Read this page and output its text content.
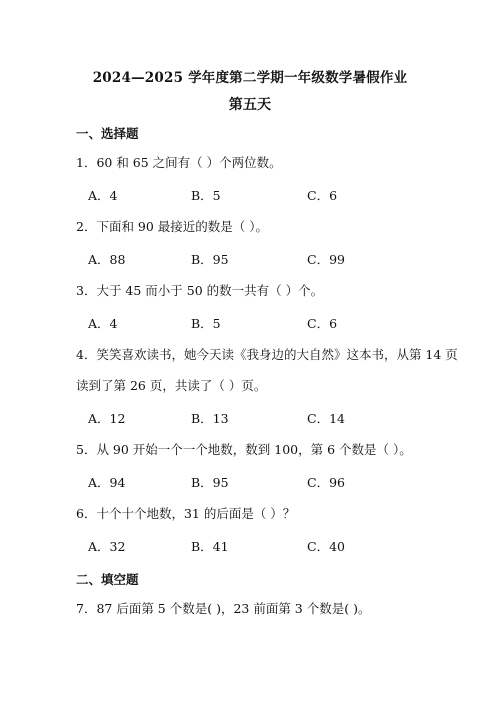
2024—2025 学年度第二学期一年级数学暑假作业
第五天
一、选择题
1．60 和 65 之间有（ ）个两位数。
A．4	B．5	C．6
2．下面和 90 最接近的数是（ ）。
A．88	B．95	C．99
3．大于 45 而小于 50 的数一共有（ ）个。
A．4	B．5	C．6
4．笑笑喜欢读书，她今天读《我身边的大自然》这本书，从第 14 页
读到了第 26 页，共读了（ ）页。
A．12	B．13	C．14
5．从 90 开始一个一个地数，数到 100，第 6 个数是（ ）。
A．94	B．95	C．96
6．十个十个地数，31 的后面是（ ）？
A．32	B．41	C．40
二、填空题
7．87 后面第 5 个数是( )，23 前面第 3 个数是( )。
